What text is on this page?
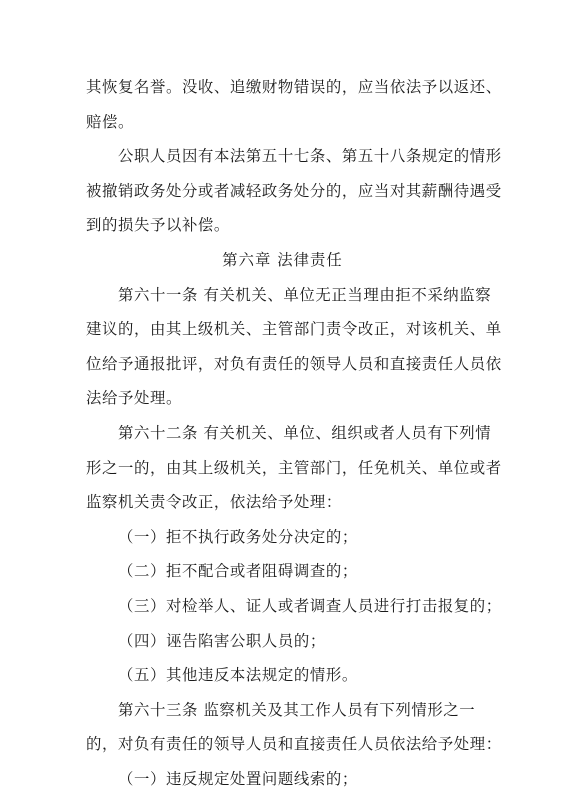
其恢复名誉。没收、追缴财物错误的，应当依法予以返还、
赔偿。
公职人员因有本法第五十七条、第五十八条规定的情形
被撤销政务处分或者减轻政务处分的，应当对其薪酬待遇受
到的损失予以补偿。
第六章 法律责任
第六十一条 有关机关、单位无正当理由拒不采纳监察
建议的，由其上级机关、主管部门责令改正，对该机关、单
位给予通报批评，对负有责任的领导人员和直接责任人员依
法给予处理。
第六十二条 有关机关、单位、组织或者人员有下列情
形之一的，由其上级机关，主管部门，任免机关、单位或者
监察机关责令改正，依法给予处理：
（一）拒不执行政务处分决定的；
（二）拒不配合或者阻碍调查的；
（三）对检举人、证人或者调查人员进行打击报复的；
（四）诬告陷害公职人员的；
（五）其他违反本法规定的情形。
第六十三条 监察机关及其工作人员有下列情形之一
的，对负有责任的领导人员和直接责任人员依法给予处理：
（一）违反规定处置问题线索的；
